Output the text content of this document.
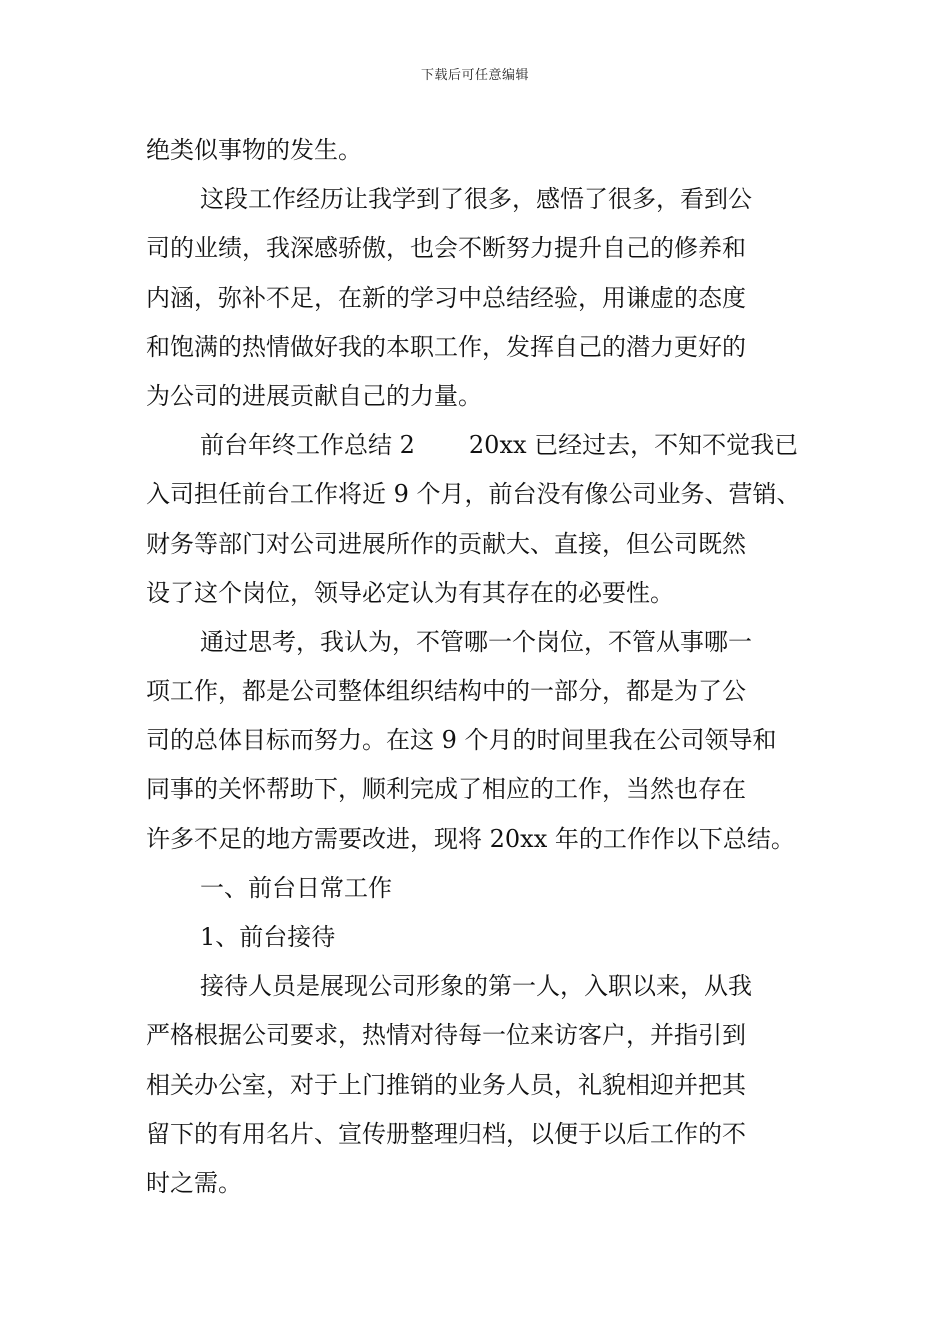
下载后可任意编辑
绝类似事物的发生。
这段工作经历让我学到了很多，感悟了很多，看到公
司的业绩，我深感骄傲，也会不断努力提升自己的修养和
内涵，弥补不足，在新的学习中总结经验，用谦虚的态度
和饱满的热情做好我的本职工作，发挥自己的潜力更好的
为公司的进展贡献自己的力量。
前台年终工作总结 2 20xx 已经过去，不知不觉我已
入司担任前台工作将近 9 个月，前台没有像公司业务、营销、
财务等部门对公司进展所作的贡献大、直接，但公司既然
设了这个岗位，领导必定认为有其存在的必要性。
通过思考，我认为，不管哪一个岗位，不管从事哪一
项工作，都是公司整体组织结构中的一部分，都是为了公
司的总体目标而努力。在这 9 个月的时间里我在公司领导和
同事的关怀帮助下，顺利完成了相应的工作，当然也存在
许多不足的地方需要改进，现将 20xx 年的工作作以下总结。
一、前台日常工作
1、前台接待
接待人员是展现公司形象的第一人，入职以来，从我
严格根据公司要求，热情对待每一位来访客户，并指引到
相关办公室，对于上门推销的业务人员，礼貌相迎并把其
留下的有用名片、宣传册整理归档，以便于以后工作的不
时之需。
